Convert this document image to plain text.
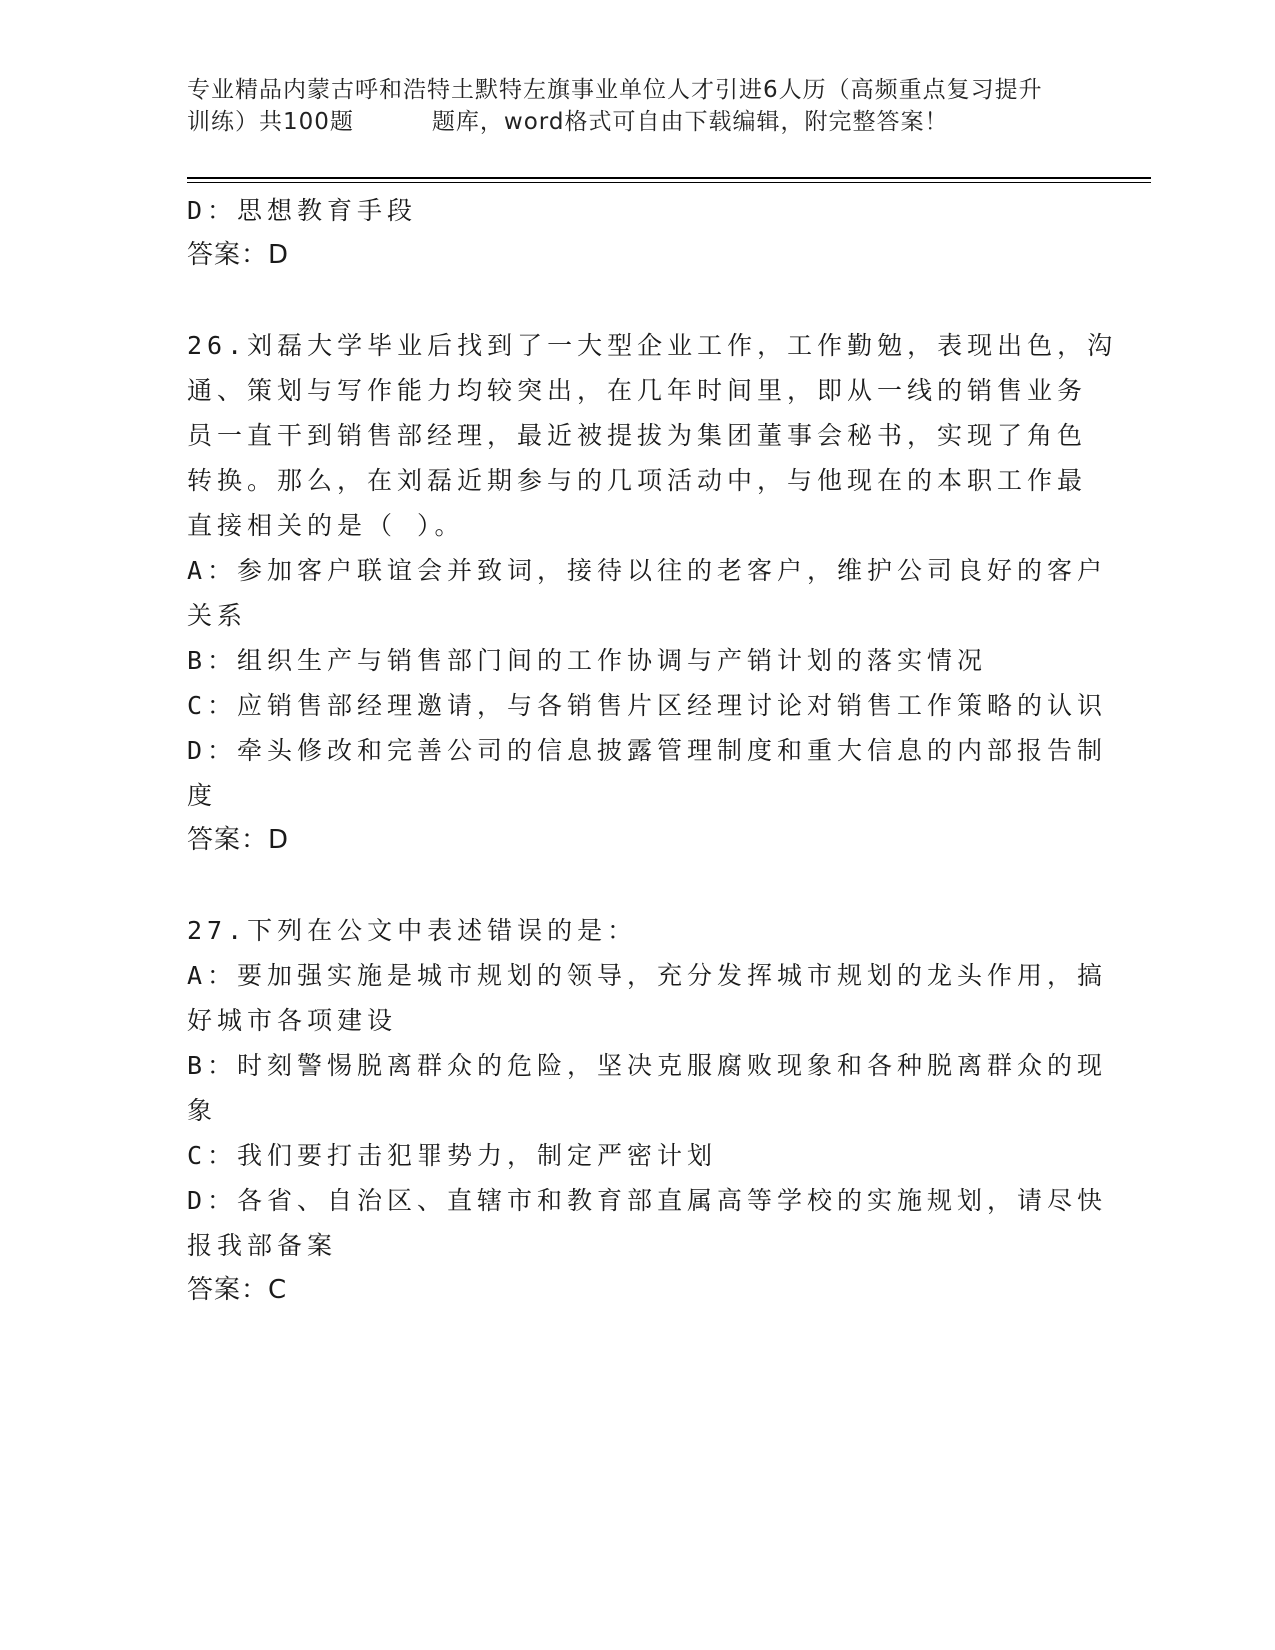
专业精品内蒙古呼和浩特土默特左旗事业单位人才引进6人历（高频重点复习提升
训练）共100题	题库，word格式可自由下载编辑，附完整答案！

D：思想教育手段

答案：D

26.刘磊大学毕业后找到了一大型企业工作，工作勤勉，表现出色，沟

通、策划与写作能力均较突出，在几年时间里，即从一线的销售业务

员一直干到销售部经理，最近被提拔为集团董事会秘书，实现了角色

转换。那么，在刘磊近期参与的几项活动中，与他现在的本职工作最

直接相关的是（ ）。

A：参加客户联谊会并致词，接待以往的老客户，维护公司良好的客户

关系

B：组织生产与销售部门间的工作协调与产销计划的落实情况

C：应销售部经理邀请，与各销售片区经理讨论对销售工作策略的认识

D：牵头修改和完善公司的信息披露管理制度和重大信息的内部报告制

度

答案：D

27.下列在公文中表述错误的是：

A：要加强实施是城市规划的领导，充分发挥城市规划的龙头作用，搞

好城市各项建设

B：时刻警惕脱离群众的危险，坚决克服腐败现象和各种脱离群众的现

象

C：我们要打击犯罪势力，制定严密计划

D：各省、自治区、直辖市和教育部直属高等学校的实施规划，请尽快

报我部备案

答案：C
